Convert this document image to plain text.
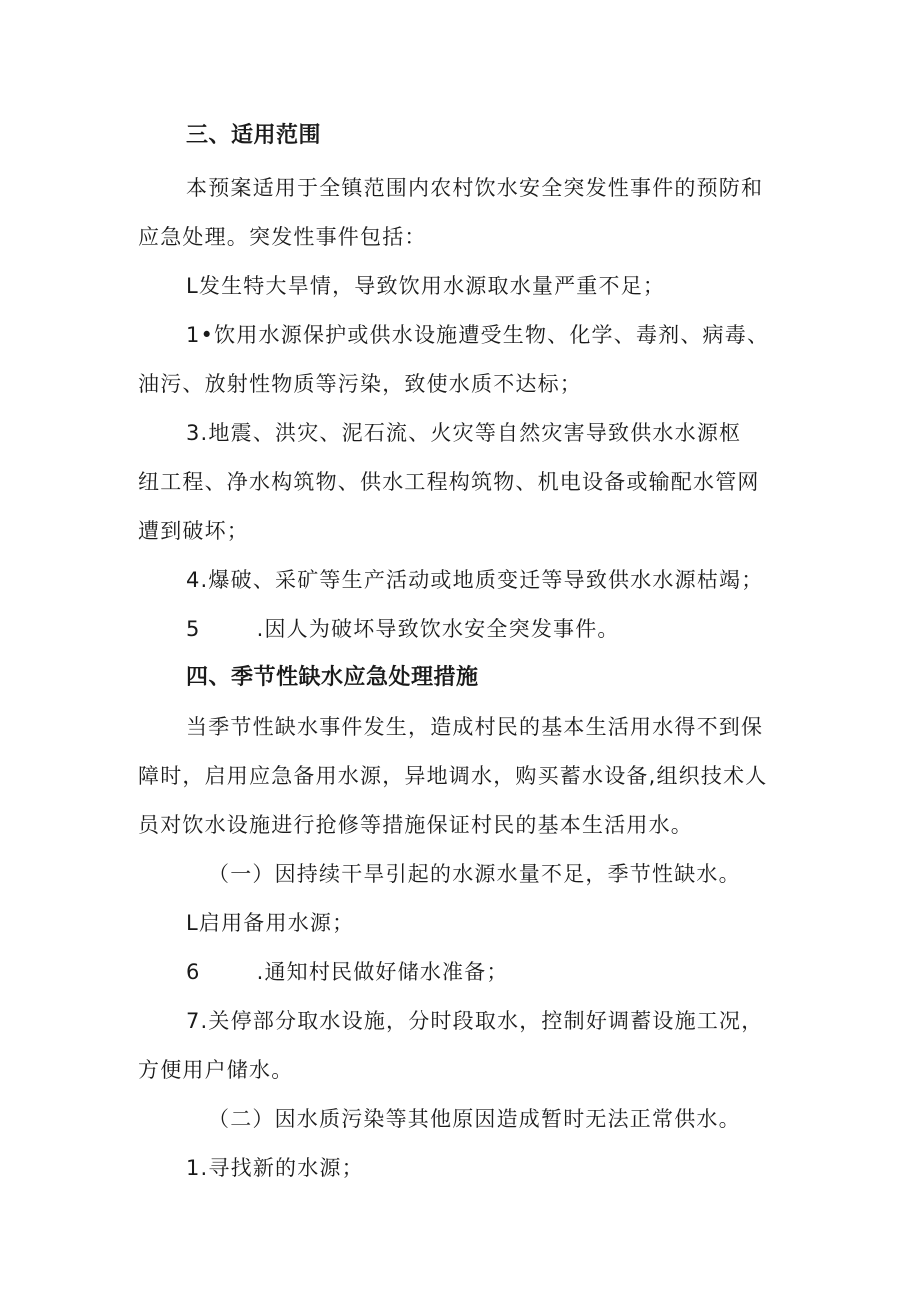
三、适用范围
本预案适用于全镇范围内农村饮水安全突发性事件的预防和
应急处理。突发性事件包括：
L发生特大旱情，导致饮用水源取水量严重不足；
1•饮用水源保护或供水设施遭受生物、化学、毒剂、病毒、
油污、放射性物质等污染，致使水质不达标；
3.地震、洪灾、泥石流、火灾等自然灾害导致供水水源枢
纽工程、净水构筑物、供水工程构筑物、机电设备或输配水管网
遭到破坏；
4.爆破、采矿等生产活动或地质变迁等导致供水水源枯竭；
5	.因人为破坏导致饮水安全突发事件。
四、季节性缺水应急处理措施
当季节性缺水事件发生，造成村民的基本生活用水得不到保
障时，启用应急备用水源，异地调水，购买蓄水设备,组织技术人
员对饮水设施进行抢修等措施保证村民的基本生活用水。
（一）因持续干旱引起的水源水量不足，季节性缺水。
L启用备用水源；
6	.通知村民做好储水准备；
7.关停部分取水设施，分时段取水，控制好调蓄设施工况，
方便用户储水。
（二）因水质污染等其他原因造成暂时无法正常供水。
1.寻找新的水源；
